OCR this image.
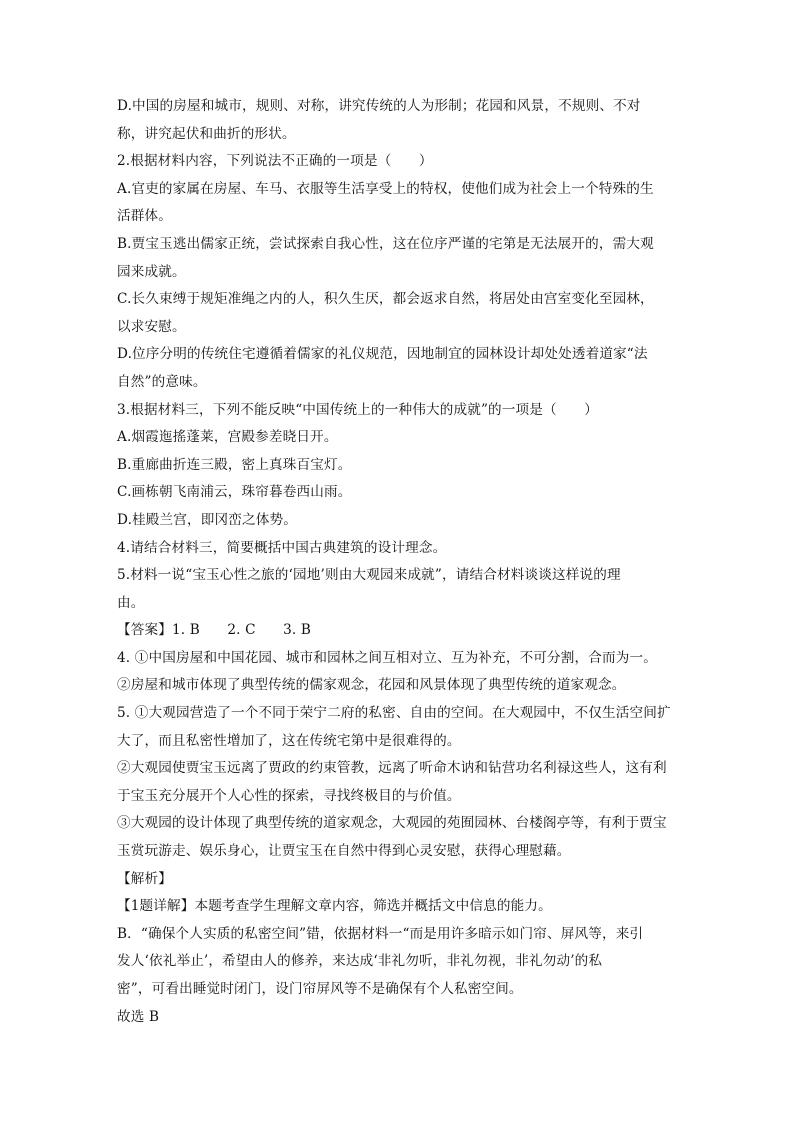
D.中国的房屋和城市，规则、对称，讲究传统的人为形制；花园和风景，不规则、不对
称，讲究起伏和曲折的形状。
2.根据材料内容，下列说法不正确的一项是（　　）
A.官吏的家属在房屋、车马、衣服等生活享受上的特权，使他们成为社会上一个特殊的生
活群体。
B.贾宝玉逃出儒家正统，尝试探索自我心性，这在位序严谨的宅第是无法展开的，需大观
园来成就。
C.长久束缚于规矩准绳之内的人，积久生厌，都会返求自然，将居处由宫室变化至园林，
以求安慰。
D.位序分明的传统住宅遵循着儒家的礼仪规范，因地制宜的园林设计却处处透着道家“法
自然”的意味。
3.根据材料三，下列不能反映“中国传统上的一种伟大的成就”的一项是（　　）
A.烟霞迤搖蓬莱，宫殿参差晓日开。
B.重廊曲折连三殿，密上真珠百宝灯。
C.画栋朝飞南浦云，珠帘暮卷西山雨。
D.桂殿兰宫，即冈峦之体势。
4.请结合材料三，简要概括中国古典建筑的设计理念。
5.材料一说“宝玉心性之旅的‘园地’则由大观园来成就”，请结合材料谈谈这样说的理
由。
【答案】1. B　　2. C　　3. B
4. ①中国房屋和中国花园、城市和园林之间互相对立、互为补充，不可分割，合而为一。
②房屋和城市体现了典型传统的儒家观念，花园和风景体现了典型传统的道家观念。
5. ①大观园营造了一个不同于荣宁二府的私密、自由的空间。在大观园中，不仅生活空间扩
大了，而且私密性增加了，这在传统宅第中是很难得的。
②大观园使贾宝玉远离了贾政的约束管教，远离了听命木讷和钻营功名利禄这些人，这有利
于宝玉充分展开个人心性的探索，寻找终极目的与价值。
③大观园的设计体现了典型传统的道家观念，大观园的苑囿园林、台楼阁亭等，有利于贾宝
玉赏玩游走、娱乐身心，让贾宝玉在自然中得到心灵安慰，获得心理慰藉。
【解析】
【1题详解】本题考查学生理解文章内容，筛选并概括文中信息的能力。
B．“确保个人实质的私密空间”错，依据材料一“而是用许多暗示如门帘、屏风等，来引
发人‘依礼举止’，希望由人的修养，来达成‘非礼勿听，非礼勿视，非礼勿动’的私
密”，可看出睡觉时闭门，设门帘屏风等不是确保有个人私密空间。
故选 B
